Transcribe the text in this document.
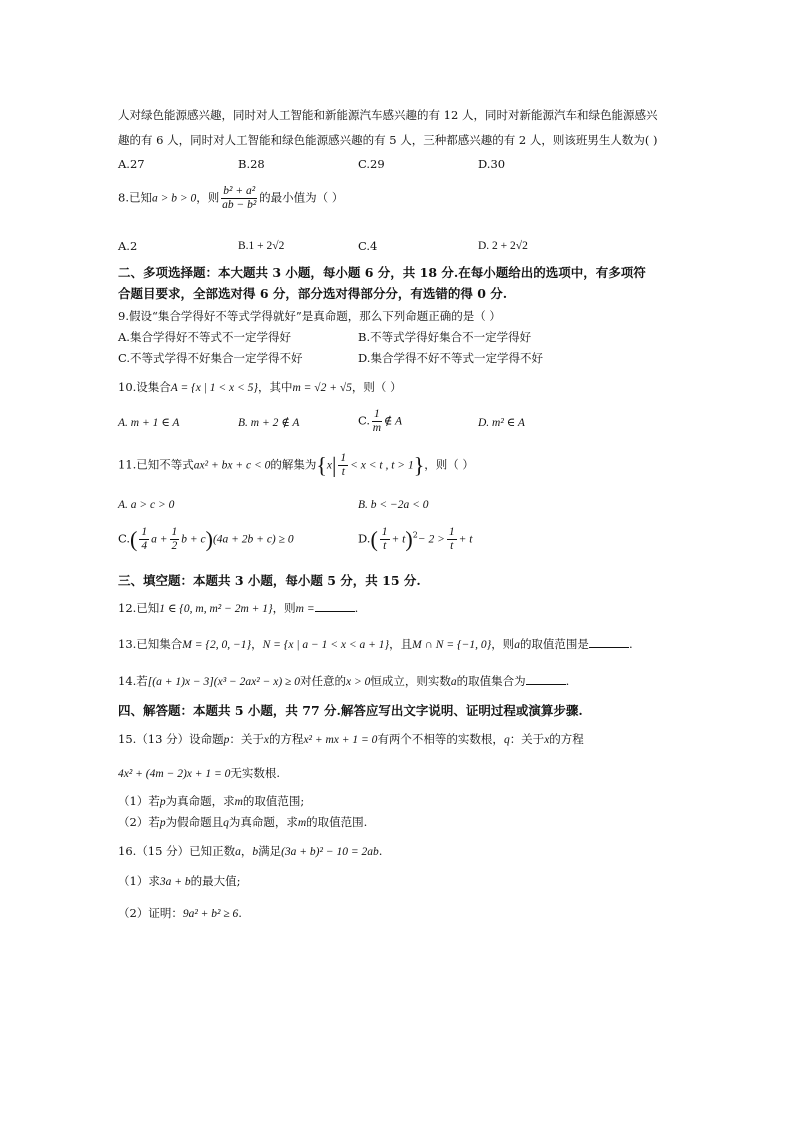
人对绿色能源感兴趣，同时对人工智能和新能源汽车感兴趣的有 12 人，同时对新能源汽车和绿色能源感兴
趣的有 6 人，同时对人工智能和绿色能源感兴趣的有 5 人，三种都感兴趣的有 2 人，则该班男生人数为( )
A.27	B.28	C.29	D.30
8.已知a > b > 0，则 $\frac{\text{b² + a²}}{\text{ab − b²}}$ 的最小值为（ ）
A.2	B.1 + 2√2	C.4	D. 2 + 2√2
二、多项选择题：本大题共 3 小题，每小题 6 分，共 18 分.在每小题给出的选项中，有多项符
合题目要求，全部选对得 6 分，部分选对得部分分，有选错的得 0 分.
9.假设“集合学得好不等式学得就好”是真命题，那么下列命题正确的是（ ）
A.集合学得好不等式不一定学得好	B.不等式学得好集合不一定学得好
C.不等式学得不好集合一定学得不好	D.集合学得不好不等式一定学得不好
10.设集合A = {x | 1 < x < 5}，其中m = √2 + √5，则（ ）
A. m + 1 ∈ A	B. m + 2 ∉ A	C. $\frac{1}{m}$ ∉ A	D. m² ∈ A
11.已知不等式ax² + bx + c < 0的解集为{$x| \frac{1}{t} < x < t$ , t > 1}，则（ ）
A. a > c > 0	B. b < −2a < 0
$C.( \frac{1}{4}$ $a + \frac{1}{2}$ b + c)(4a + 2b + c) ≥ 0	$D.( \frac{1}{t} + t)^2- 2 > \frac{1}{t} + t$
三、填空题：本题共 3 小题，每小题 5 分，共 15 分.
12.已知1 ∈ {0, m, m² − 2m + 1}，则m =	.
13.已知集合M = {2, 0, −1}，N = {x | a − 1 < x < a + 1}，且M ∩ N = {−1, 0}，则a的取值范围是	.
14.若[(a + 1)x − 3](x³ − 2ax² − x) ≥ 0对任意的x > 0恒成立，则实数a的取值集合为	.
四、解答题：本题共 5 小题，共 77 分.解答应写出文字说明、证明过程或演算步骤.
15.（13 分）设命题p：关于x的方程x² + mx + 1 = 0有两个不相等的实数根，q：关于x的方程
4x² + (4m − 2)x + 1 = 0无实数根.
（1）若p为真命题，求m的取值范围;
（2）若p为假命题且q为真命题，求m的取值范围.
16.（15 分）已知正数a，b满足(3a + b)² − 10 = 2ab.
（1）求3a + b的最大值;
（2）证明：9a² + b² ≥ 6.
